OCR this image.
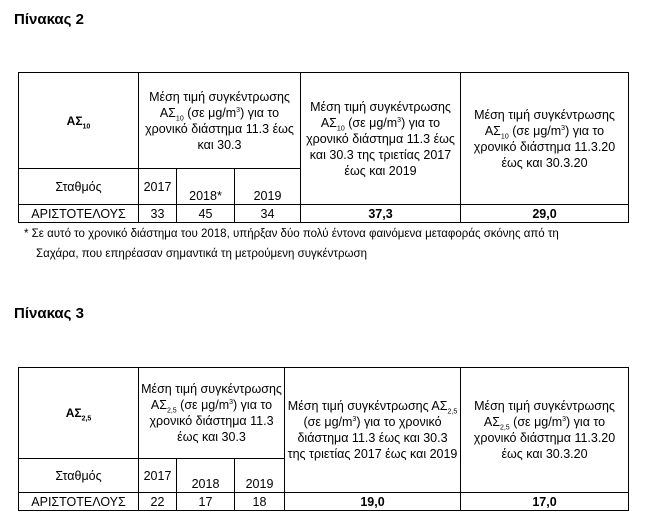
Πίνακας 2
$A\Sigma_{10}$	Μέση τιμή συγκέντρωσης $A\Sigma_{10}$ (σε $\mu g/m^3$) για το χρονικό διάστημα 11.3 έως και 30.3			Μέση τιμή συγκέντρωσης $A\Sigma_{10}$ (σε $\mu g/m^3$) για το χρονικό διάστημα 11.3 έως και 30.3 της τριετίας 2017 έως και 2019	Μέση τιμή συγκέντρωσης $A\Sigma_{10}$ (σε $\mu g/m^3$) για το χρονικό διάστημα 11.3.20 έως και 30.3.20
Σταθμός	2017	2018*	2019		
ΑΡΙΣΤΟΤΕΛΟΥΣ	33	45	34	37,3	29,0
* Σε αυτό το χρονικό διάστημα του 2018, υπήρξαν δύο πολύ έντονα φαινόμενα μεταφοράς σκόνης από τη
Σαχάρα, που επηρέασαν σημαντικά τη μετρούμενη συγκέντρωση
Πίνακας 3
$A\Sigma_{2,5}$	Μέση τιμή συγκέντρωσης $A\Sigma_{2,5}$ (σε $\mu g/m^3$) για το χρονικό διάστημα 11.3 έως και 30.3			Μέση τιμή συγκέντρωσης $A\Sigma_{2,5}$ (σε $\mu g/m^3$) για το χρονικό διάστημα 11.3 έως και 30.3 της τριετίας 2017 έως και 2019	Μέση τιμή συγκέντρωσης $A\Sigma_{2,5}$ (σε $\mu g/m^3$) για το χρονικό διάστημα 11.3.20 έως και 30.3.20
Σταθμός	2017	2018	2019		
ΑΡΙΣΤΟΤΕΛΟΥΣ	22	17	18	19,0	17,0
